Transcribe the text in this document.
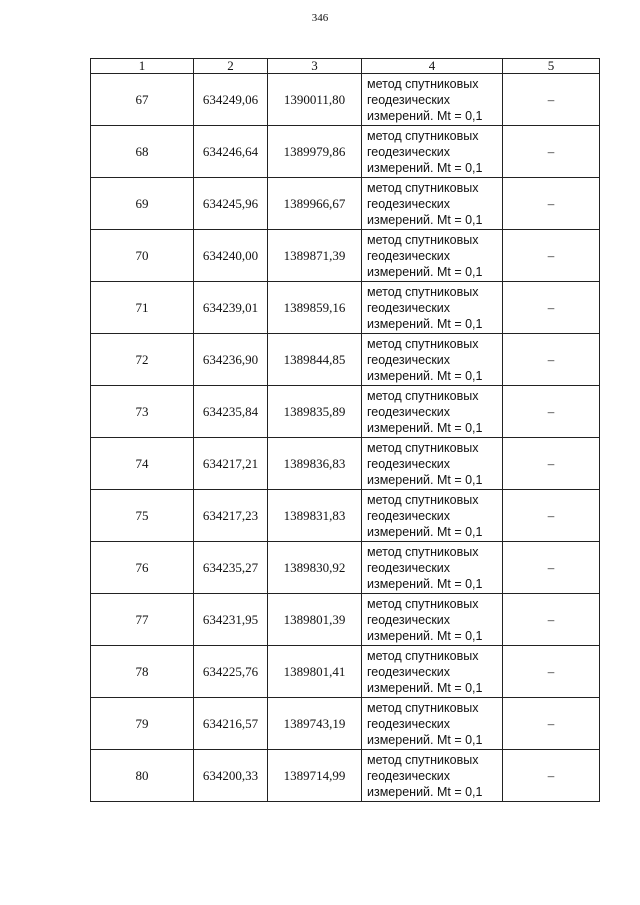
346
1	2	3	4	5
67	634249,06	1390011,80	метод спутниковых
геодезических
измерений. Mt = 0,1	–
68	634246,64	1389979,86	метод спутниковых
геодезических
измерений. Mt = 0,1	–
69	634245,96	1389966,67	метод спутниковых
геодезических
измерений. Mt = 0,1	–
70	634240,00	1389871,39	метод спутниковых
геодезических
измерений. Mt = 0,1	–
71	634239,01	1389859,16	метод спутниковых
геодезических
измерений. Mt = 0,1	–
72	634236,90	1389844,85	метод спутниковых
геодезических
измерений. Mt = 0,1	–
73	634235,84	1389835,89	метод спутниковых
геодезических
измерений. Mt = 0,1	–
74	634217,21	1389836,83	метод спутниковых
геодезических
измерений. Mt = 0,1	–
75	634217,23	1389831,83	метод спутниковых
геодезических
измерений. Mt = 0,1	–
76	634235,27	1389830,92	метод спутниковых
геодезических
измерений. Mt = 0,1	–
77	634231,95	1389801,39	метод спутниковых
геодезических
измерений. Mt = 0,1	–
78	634225,76	1389801,41	метод спутниковых
геодезических
измерений. Mt = 0,1	–
79	634216,57	1389743,19	метод спутниковых
геодезических
измерений. Mt = 0,1	–
80	634200,33	1389714,99	метод спутниковых
геодезических
измерений. Mt = 0,1	–
